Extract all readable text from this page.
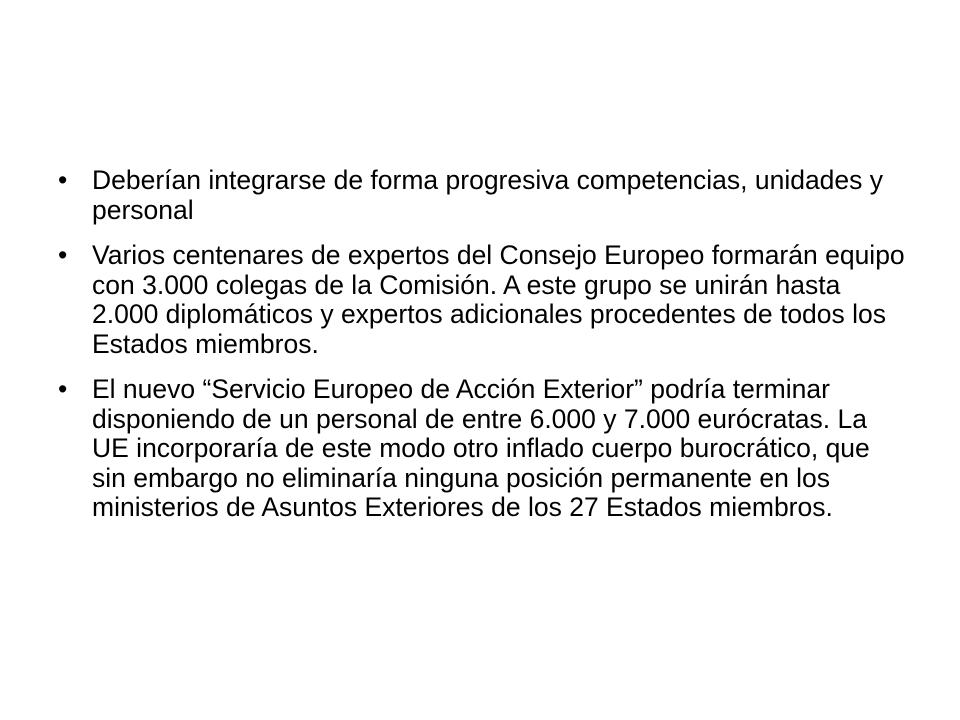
• Deberían integrarse de forma progresiva competencias, unidades y personal
• Varios centenares de expertos del Consejo Europeo formarán equipo con 3.000 colegas de la Comisión. A este grupo se unirán hasta 2.000 diplomáticos y expertos adicionales procedentes de todos los Estados miembros.
• El nuevo “Servicio Europeo de Acción Exterior” podría terminar disponiendo de un personal de entre 6.000 y 7.000 eurócratas. La UE incorporaría de este modo otro inflado cuerpo burocrático, que sin embargo no eliminaría ninguna posición permanente en los ministerios de Asuntos Exteriores de los 27 Estados miembros.
